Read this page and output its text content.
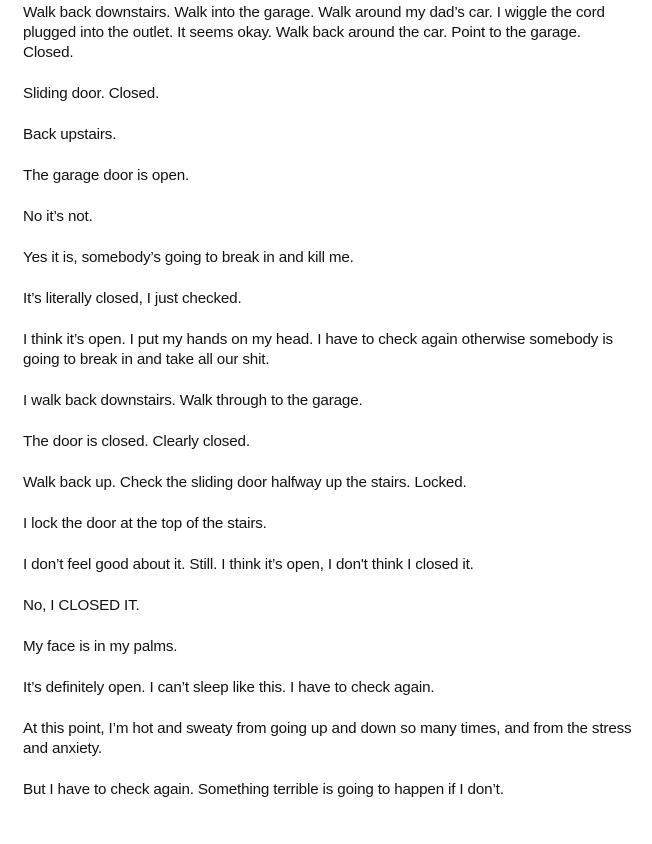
Walk back downstairs. Walk into the garage. Walk around my dad’s car. I wiggle the cord plugged into the outlet. It seems okay. Walk back around the car. Point to the garage. Closed.

Sliding door. Closed.

Back upstairs.

The garage door is open.

No it’s not.

Yes it is, somebody’s going to break in and kill me.

It’s literally closed, I just checked.

I think it’s open. I put my hands on my head. I have to check again otherwise somebody is going to break in and take all our shit.

I walk back downstairs. Walk through to the garage.

The door is closed. Clearly closed.

Walk back up. Check the sliding door halfway up the stairs. Locked.

I lock the door at the top of the stairs.

I don’t feel good about it. Still. I think it’s open, I don't think I closed it.

No, I CLOSED IT.

My face is in my palms.

It’s definitely open. I can’t sleep like this. I have to check again.

At this point, I’m hot and sweaty from going up and down so many times, and from the stress and anxiety.

But I have to check again. Something terrible is going to happen if I don’t.
